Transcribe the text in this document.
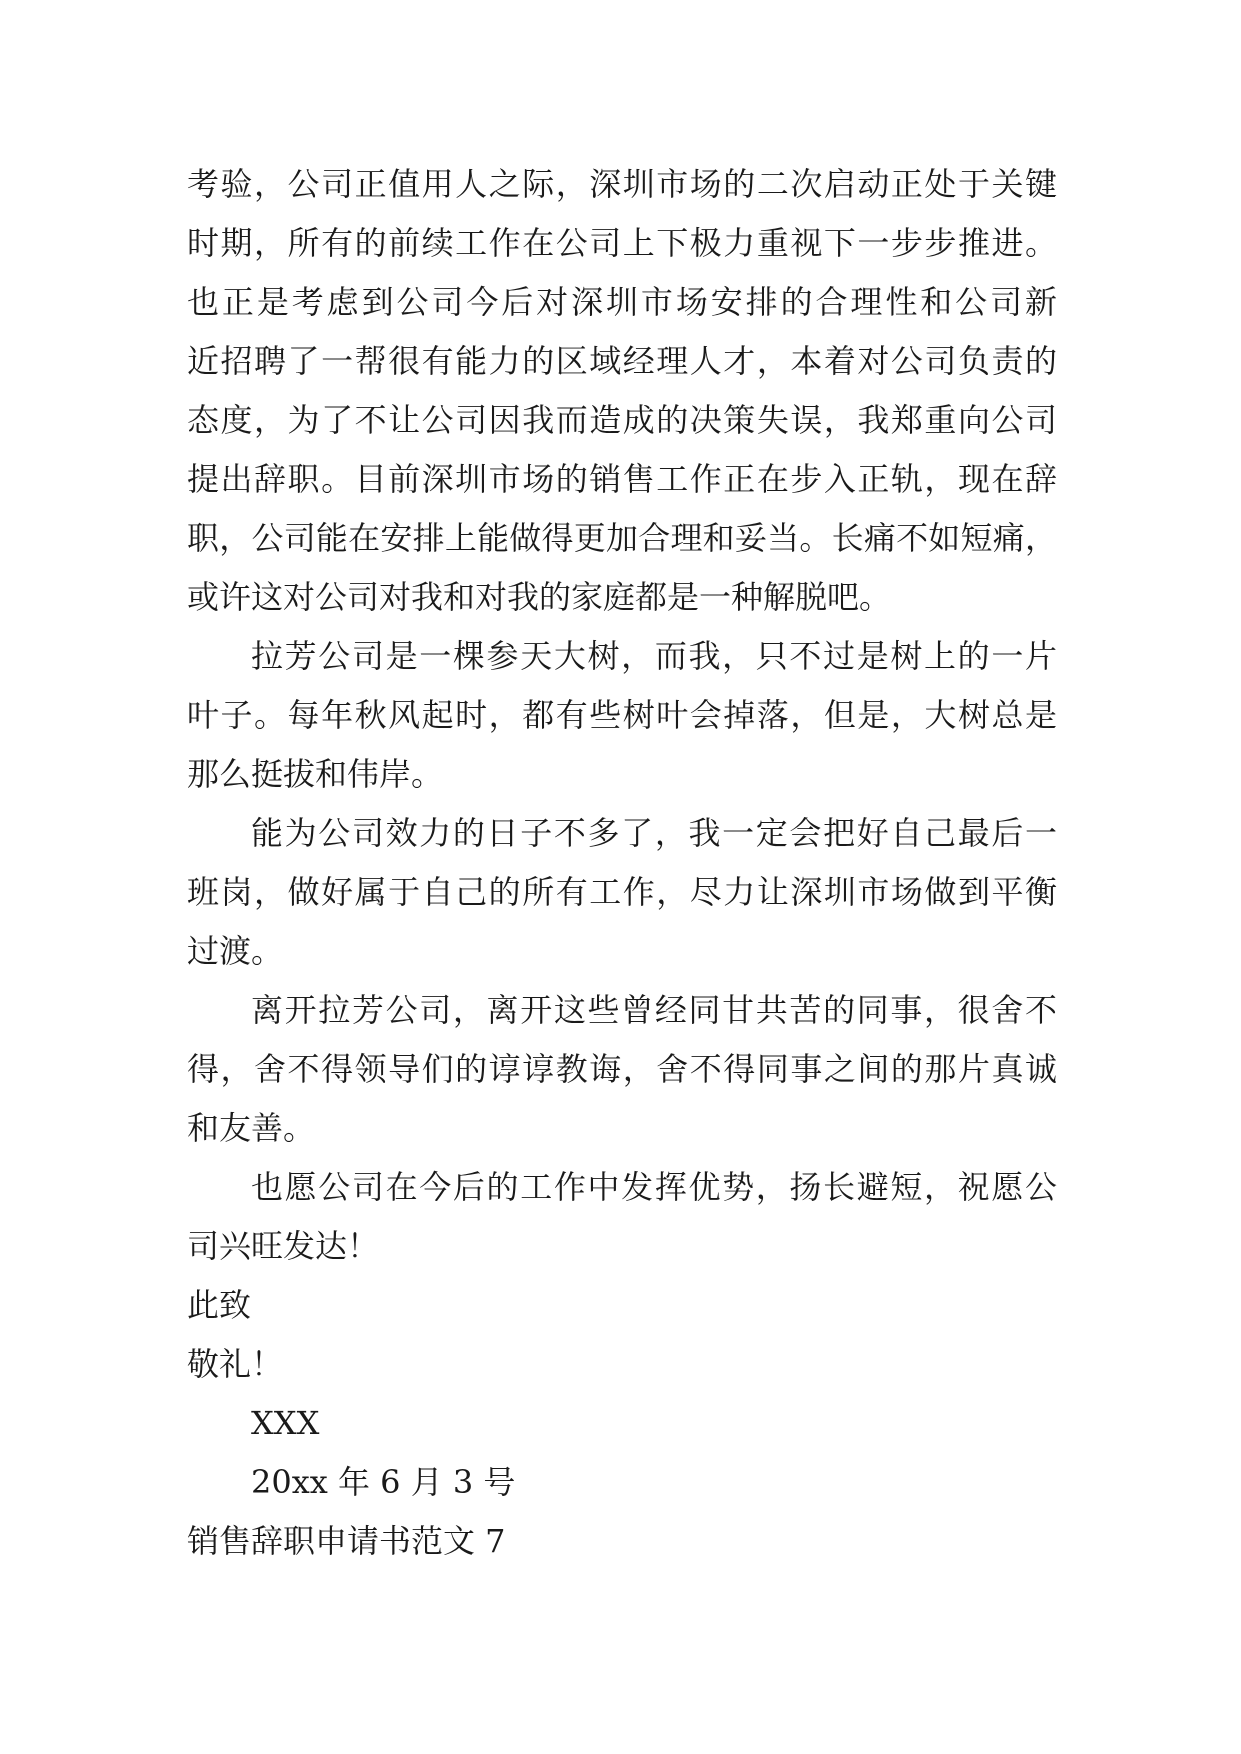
考验，公司正值用人之际，深圳市场的二次启动正处于关键
时期，所有的前续工作在公司上下极力重视下一步步推进。
也正是考虑到公司今后对深圳市场安排的合理性和公司新
近招聘了一帮很有能力的区域经理人才，本着对公司负责的
态度，为了不让公司因我而造成的决策失误，我郑重向公司
提出辞职。目前深圳市场的销售工作正在步入正轨，现在辞
职，公司能在安排上能做得更加合理和妥当。长痛不如短痛，
或许这对公司对我和对我的家庭都是一种解脱吧。
拉芳公司是一棵参天大树，而我，只不过是树上的一片
叶子。每年秋风起时，都有些树叶会掉落，但是，大树总是
那么挺拔和伟岸。
能为公司效力的日子不多了，我一定会把好自己最后一
班岗，做好属于自己的所有工作，尽力让深圳市场做到平衡
过渡。
离开拉芳公司，离开这些曾经同甘共苦的同事，很舍不
得，舍不得领导们的谆谆教诲，舍不得同事之间的那片真诚
和友善。
也愿公司在今后的工作中发挥优势，扬长避短，祝愿公
司兴旺发达！
此致
敬礼！
XXX
20xx 年 6 月 3 号
销售辞职申请书范文 7
